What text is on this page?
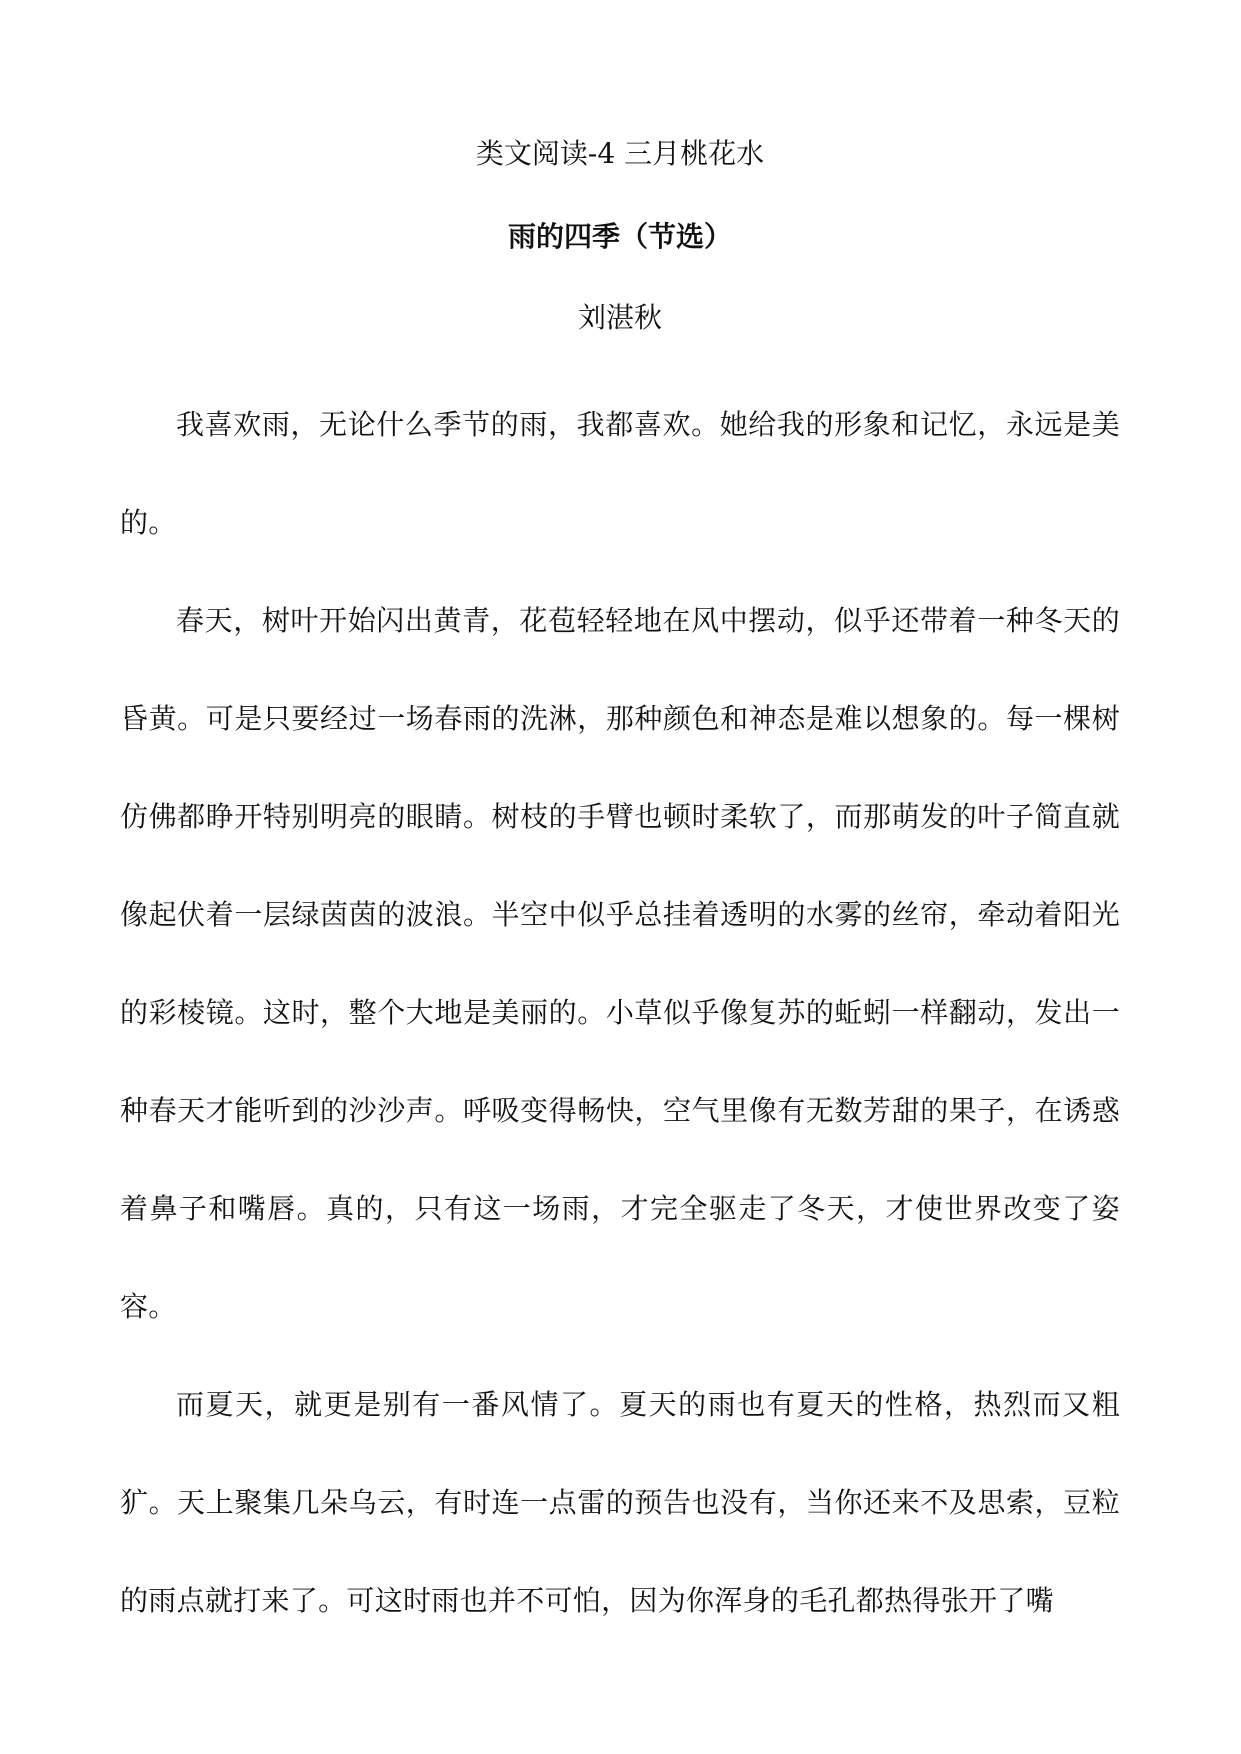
类文阅读-4 三月桃花水
雨的四季（节选）
刘湛秋

我喜欢雨，无论什么季节的雨，我都喜欢。她给我的形象和记忆，永远是美的。

春天，树叶开始闪出黄青，花苞轻轻地在风中摆动，似乎还带着一种冬天的昏黄。可是只要经过一场春雨的洗淋，那种颜色和神态是难以想象的。每一棵树仿佛都睁开特别明亮的眼睛。树枝的手臂也顿时柔软了，而那萌发的叶子简直就像起伏着一层绿茵茵的波浪。半空中似乎总挂着透明的水雾的丝帘，牵动着阳光的彩棱镜。这时，整个大地是美丽的。小草似乎像复苏的蚯蚓一样翻动，发出一种春天才能听到的沙沙声。呼吸变得畅快，空气里像有无数芳甜的果子，在诱惑着鼻子和嘴唇。真的，只有这一场雨，才完全驱走了冬天，才使世界改变了姿容。

而夏天，就更是别有一番风情了。夏天的雨也有夏天的性格，热烈而又粗犷。天上聚集几朵乌云，有时连一点雷的预告也没有，当你还来不及思索，豆粒的雨点就打来了。可这时雨也并不可怕，因为你浑身的毛孔都热得张开了嘴
